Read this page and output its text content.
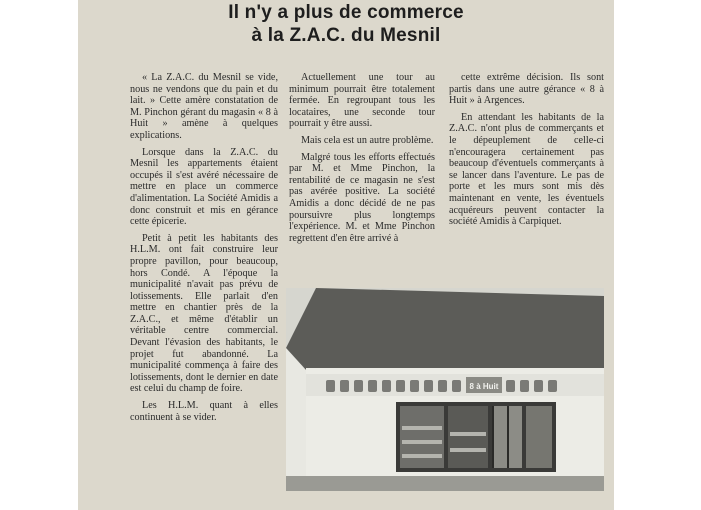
Il n'y a plus de commerce
à la Z.A.C. du Mesnil

« La Z.A.C. du Mesnil se vide, nous ne vendons que du pain et du lait. » Cette amère constatation de M. Pinchon gérant du magasin « 8 à Huit » amène à quelques explications.

Lorsque dans la Z.A.C. du Mesnil les appartements étaient occupés il s'est avéré nécessaire de mettre en place un commerce d'alimentation. La Société Amidis a donc construit et mis en gérance cette épicerie.

Petit à petit les habitants des H.L.M. ont fait construire leur propre pavillon, pour beaucoup, hors Condé. A l'époque la municipalité n'avait pas prévu de lotissements. Elle parlait d'en mettre en chantier près de la Z.A.C., et même d'établir un véritable centre commercial. Devant l'évasion des habitants, le projet fut abandonné. La municipalité commença à faire des lotissements, dont le dernier en date est celui du champ de foire.

Les H.L.M. quant à elles continuent à se vider.

Actuellement une tour au minimum pourrait être totalement fermée. En regroupant tous les locataires, une seconde tour pourrait y être aussi.

Mais cela est un autre problème.

Malgré tous les efforts effectués par M. et Mme Pinchon, la rentabilité de ce magasin ne s'est pas avérée positive. La société Amidis a donc décidé de ne pas poursuivre plus longtemps l'expérience. M. et Mme Pinchon regrettent d'en être arrivé à

cette extrême décision. Ils sont partis dans une autre gérance « 8 à Huit » à Argences.

En attendant les habitants de la Z.A.C. n'ont plus de commerçants et le dépeuplement de celle-ci n'encouragera certainement pas beaucoup d'éventuels commerçants à se lancer dans l'aventure. Le pas de porte et les murs sont mis dès maintenant en vente, les éventuels acquéreurs peuvent contacter la société Amidis à Carpiquet.

8 à Huit
